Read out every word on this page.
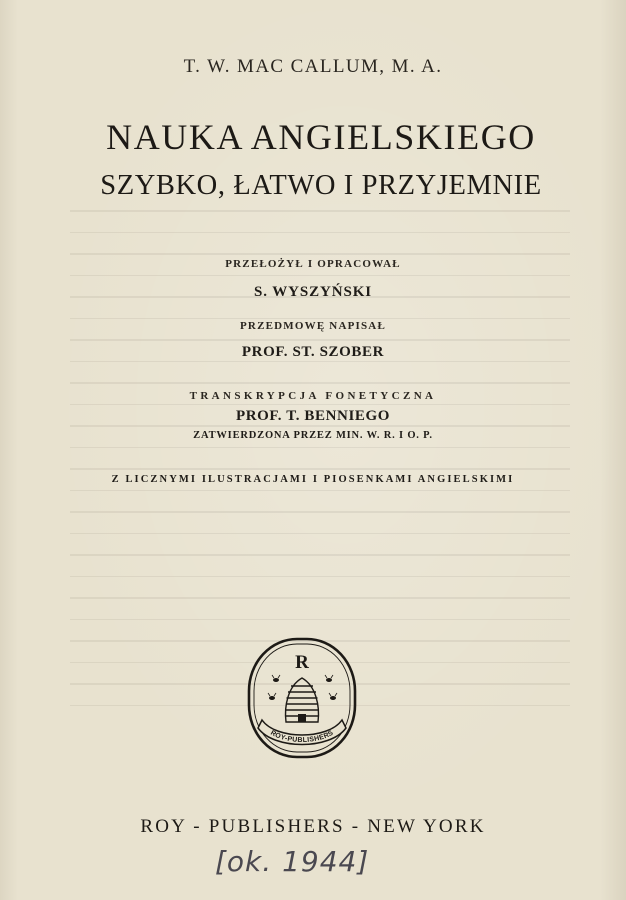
T. W. MAC CALLUM, M. A.
NAUKA ANGIELSKIEGO
SZYBKO, ŁATWO I PRZYJEMNIE
PRZEŁOŻYŁ I OPRACOWAŁ
S. WYSZYŃSKI
PRZEDMOWĘ NAPISAŁ
PROF. ST. SZOBER
TRANSKRYPCJA FONETYCZNA
PROF. T. BENNIEGO
ZATWIERDZONA PRZEZ MIN. W. R. I O. P.
Z LICZNYMI ILUSTRACJAMI I PIOSENKAMI ANGIELSKIMI
R
ROY-PUBLISHERS
ROY - PUBLISHERS - NEW YORK
[ok. 1944]
